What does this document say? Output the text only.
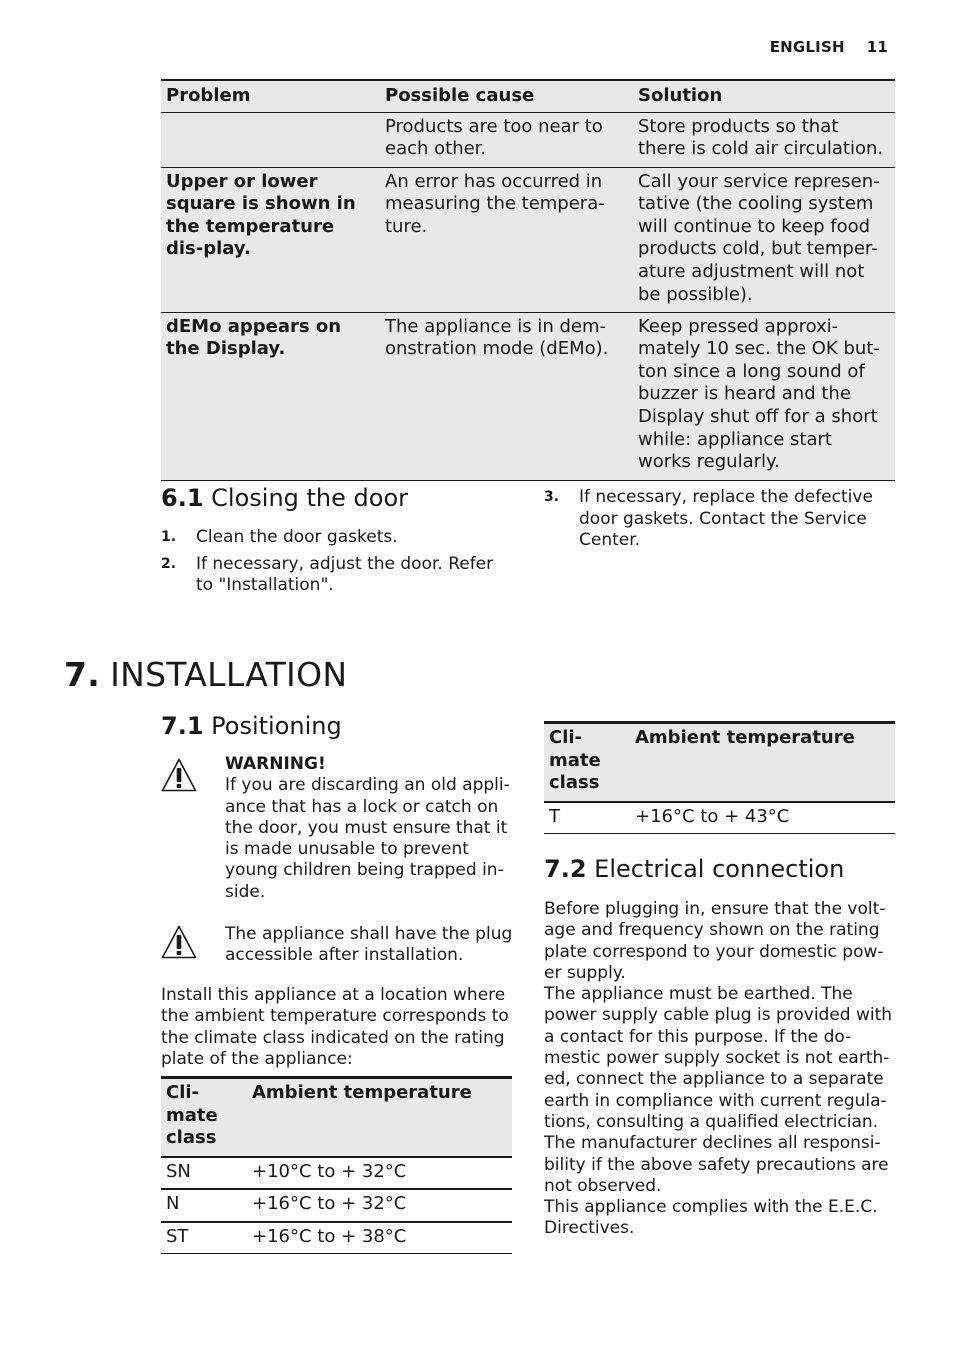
ENGLISH 11
Problem	Possible cause	Solution
	Products are too near to each other.	Store products so that there is cold air circulation.
Upper or lower square is shown in the temperature dis-play.	An error has occurred in measuring the tempera-ture.	Call your service represen-tative (the cooling system will continue to keep food products cold, but temper-ature adjustment will not be possible).
dEMo appears on the Display.	The appliance is in dem-onstration mode (dEMo).	Keep pressed approxi-mately 10 sec. the OK but-ton since a long sound of buzzer is heard and the Display shut off for a short while: appliance start works regularly.
6.1 Closing the door
1. Clean the door gaskets.
2. If necessary, adjust the door. Refer to "Installation".
3. If necessary, replace the defective door gaskets. Contact the Service Center.
7. INSTALLATION
7.1 Positioning
WARNING!
If you are discarding an old appli-ance that has a lock or catch on the door, you must ensure that it is made unusable to prevent young children being trapped in-side.
The appliance shall have the plug accessible after installation.

Install this appliance at a location where the ambient temperature corresponds to the climate class indicated on the rating plate of the appliance:

Cli-mate class	Ambient temperature
SN	+10°C to + 32°C
N	+16°C to + 32°C
ST	+16°C to + 38°C
Cli-mate class	Ambient temperature
T	+16°C to + 43°C
7.2 Electrical connection

Before plugging in, ensure that the volt-age and frequency shown on the rating plate correspond to your domestic pow-er supply.

The appliance must be earthed. The power supply cable plug is provided with a contact for this purpose. If the do-mestic power supply socket is not earth-ed, connect the appliance to a separate earth in compliance with current regula-tions, consulting a qualified electrician.

The manufacturer declines all responsi-bility if the above safety precautions are not observed.

This appliance complies with the E.E.C. Directives.
